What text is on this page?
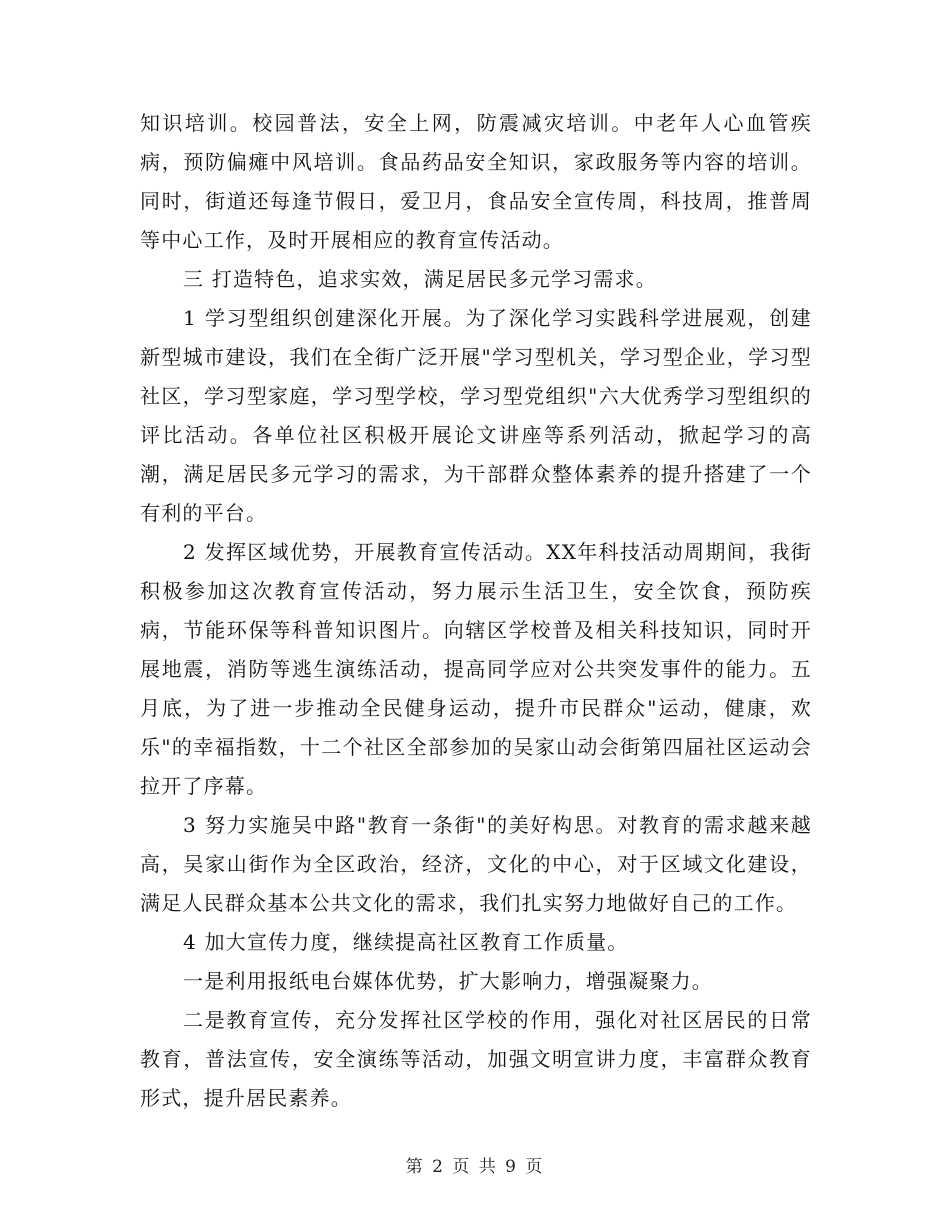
知识培训。校园普法，安全上网，防震减灾培训。中老年人心血管疾病，预防偏瘫中风培训。食品药品安全知识，家政服务等内容的培训。同时，街道还每逢节假日，爱卫月，食品安全宣传周，科技周，推普周等中心工作，及时开展相应的教育宣传活动。

三 打造特色，追求实效，满足居民多元学习需求。

1 学习型组织创建深化开展。为了深化学习实践科学进展观，创建新型城市建设，我们在全街广泛开展"学习型机关，学习型企业，学习型社区，学习型家庭，学习型学校，学习型党组织"六大优秀学习型组织的评比活动。各单位社区积极开展论文讲座等系列活动，掀起学习的高潮，满足居民多元学习的需求，为干部群众整体素养的提升搭建了一个有利的平台。

2 发挥区域优势，开展教育宣传活动。XX年科技活动周期间，我街积极参加这次教育宣传活动，努力展示生活卫生，安全饮食，预防疾病，节能环保等科普知识图片。向辖区学校普及相关科技知识，同时开展地震，消防等逃生演练活动，提高同学应对公共突发事件的能力。五月底，为了进一步推动全民健身运动，提升市民群众"运动，健康，欢乐"的幸福指数，十二个社区全部参加的吴家山动会街第四届社区运动会拉开了序幕。

3 努力实施吴中路"教育一条街"的美好构思。对教育的需求越来越高，吴家山街作为全区政治，经济，文化的中心，对于区域文化建设，满足人民群众基本公共文化的需求，我们扎实努力地做好自己的工作。

4 加大宣传力度，继续提高社区教育工作质量。

一是利用报纸电台媒体优势，扩大影响力，增强凝聚力。

二是教育宣传，充分发挥社区学校的作用，强化对社区居民的日常教育，普法宣传，安全演练等活动，加强文明宣讲力度，丰富群众教育形式，提升居民素养。

第 2 页 共 9 页
